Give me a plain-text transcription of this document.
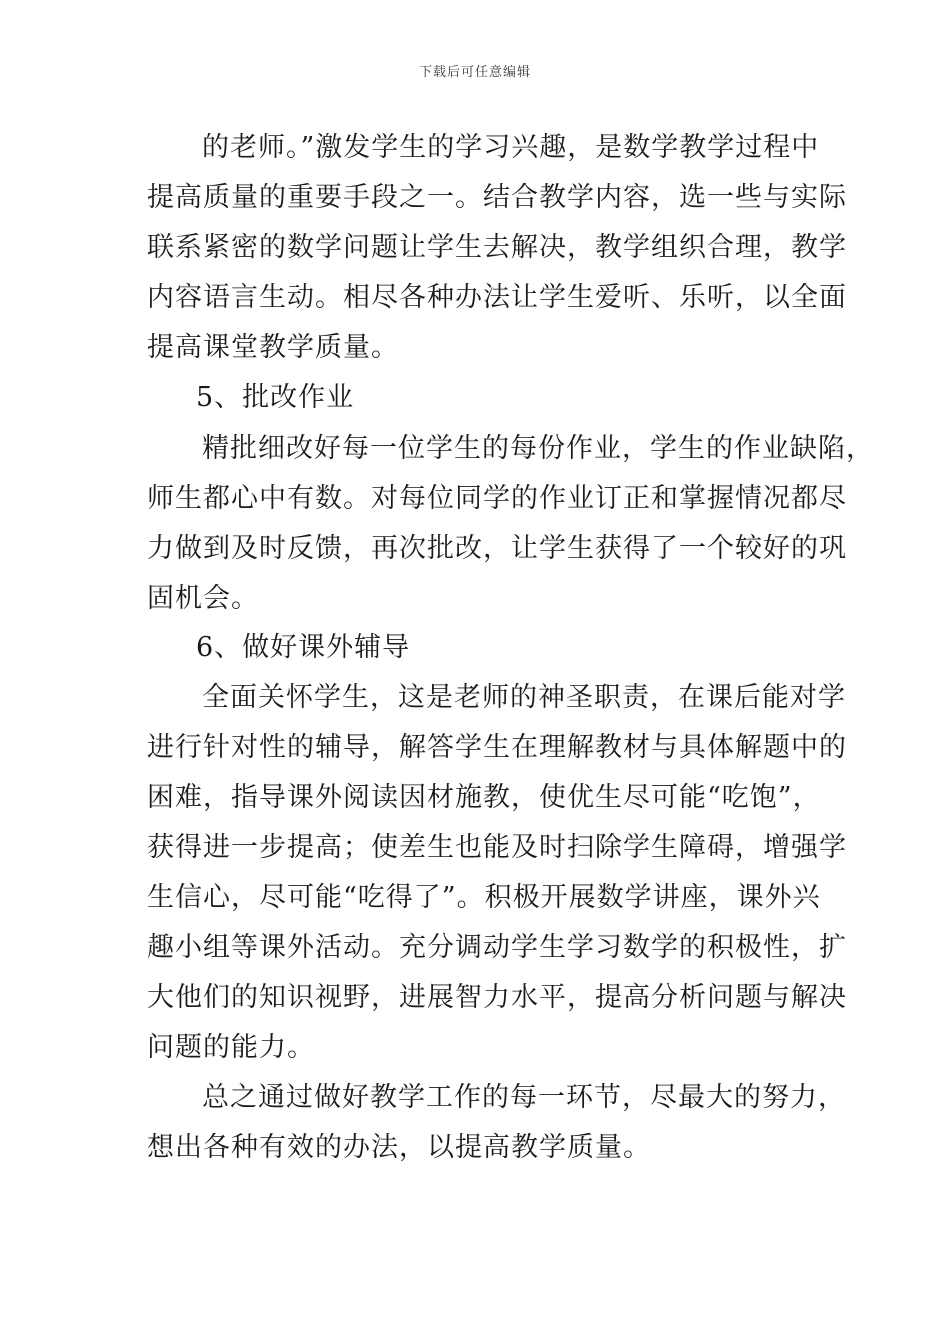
下载后可任意编辑
的老师。”激发学生的学习兴趣，是数学教学过程中
提高质量的重要手段之一。结合教学内容，选一些与实际
联系紧密的数学问题让学生去解决，教学组织合理，教学
内容语言生动。相尽各种办法让学生爱听、乐听，以全面
提高课堂教学质量。
5、批改作业
精批细改好每一位学生的每份作业，学生的作业缺陷，
师生都心中有数。对每位同学的作业订正和掌握情况都尽
力做到及时反馈，再次批改，让学生获得了一个较好的巩
固机会。
6、做好课外辅导
全面关怀学生，这是老师的神圣职责，在课后能对学
进行针对性的辅导，解答学生在理解教材与具体解题中的
困难，指导课外阅读因材施教，使优生尽可能“吃饱”，
获得进一步提高；使差生也能及时扫除学生障碍，增强学
生信心，尽可能“吃得了”。积极开展数学讲座，课外兴
趣小组等课外活动。充分调动学生学习数学的积极性，扩
大他们的知识视野，进展智力水平，提高分析问题与解决
问题的能力。
总之通过做好教学工作的每一环节，尽最大的努力，
想出各种有效的办法，以提高教学质量。
